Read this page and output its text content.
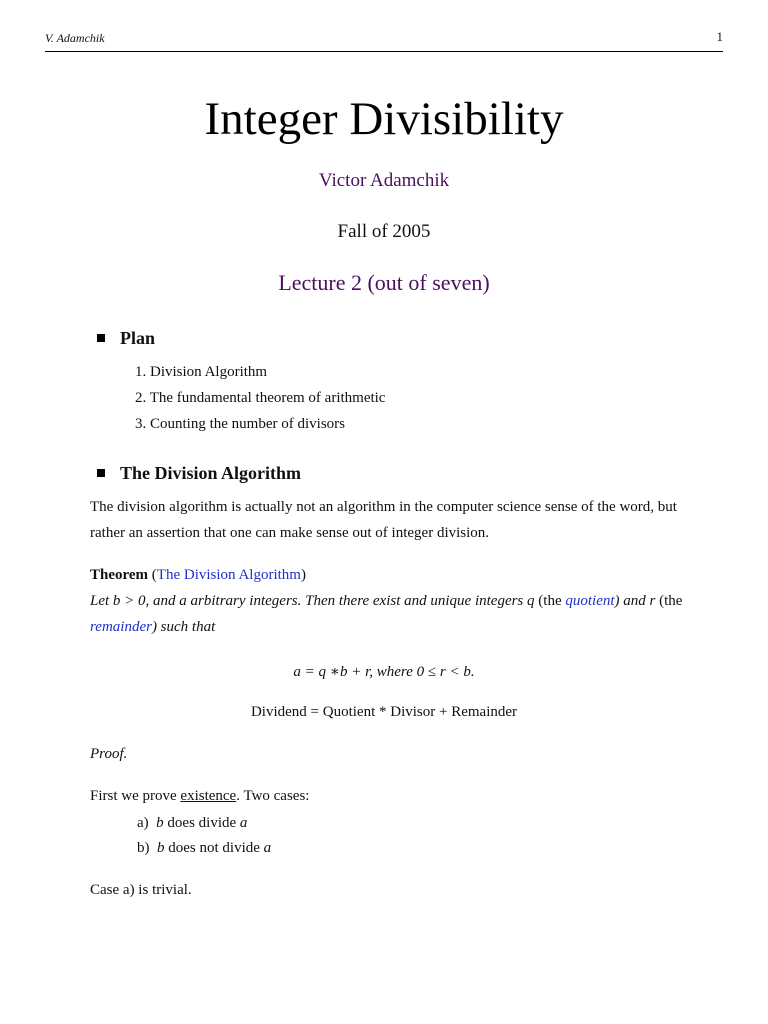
V. Adamchik	1
Integer Divisibility
Victor Adamchik
Fall of 2005
Lecture 2 (out of seven)
Plan
1. Division Algorithm
2. The fundamental theorem of arithmetic
3. Counting the number of divisors
The Division Algorithm
The division algorithm is actually not an algorithm in the computer science sense of the word, but
rather an assertion that one can make sense out of integer division.
Theorem (The Division Algorithm)
Let b > 0, and a arbitrary integers. Then there exist and unique integers q (the quotient) and r (the
remainder) such that
a = q ∗b + r, where 0 ≤ r < b.
Dividend = Quotient * Divisor + Remainder
Proof.
First we prove existence. Two cases:
a) b does divide a
b) b does not divide a
Case a) is trivial.
